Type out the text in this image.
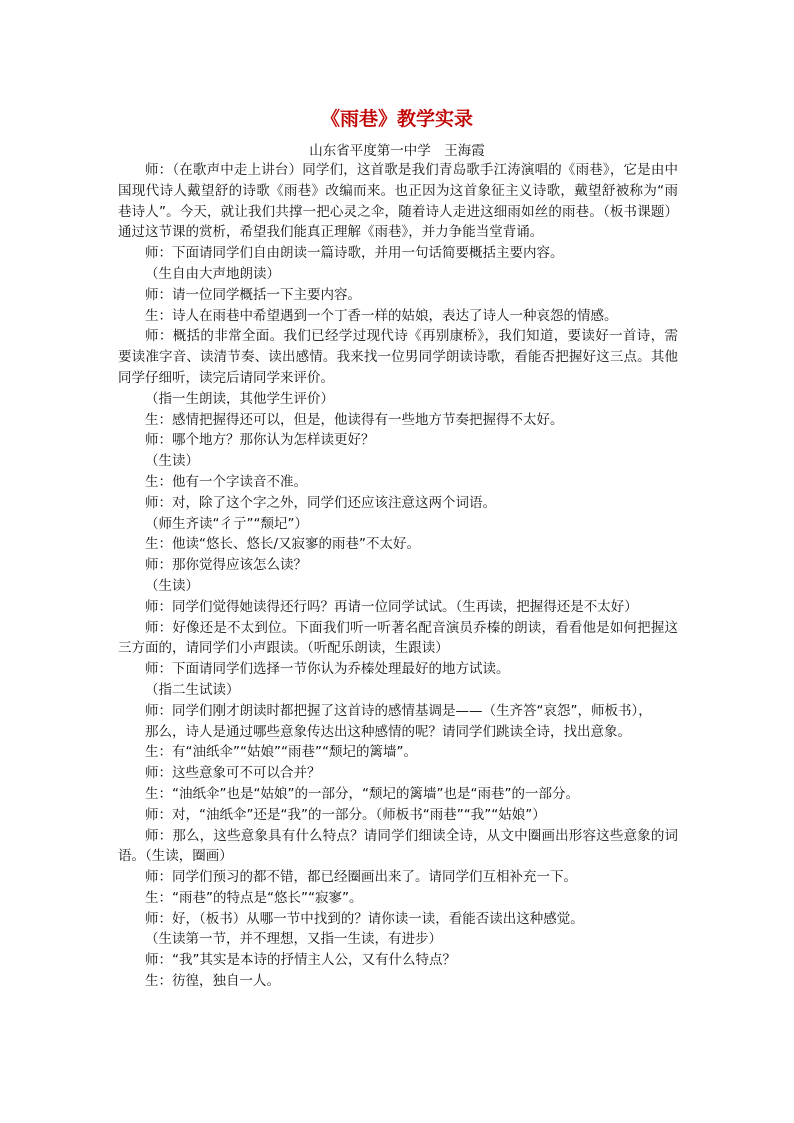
《雨巷》教学实录
山东省平度第一中学　王海霞

师：（在歌声中走上讲台）同学们，这首歌是我们青岛歌手江涛演唱的《雨巷》，它是由中国现代诗人戴望舒的诗歌《雨巷》改编而来。也正因为这首象征主义诗歌，戴望舒被称为“雨巷诗人”。今天，就让我们共撑一把心灵之伞，随着诗人走进这细雨如丝的雨巷。（板书课题）通过这节课的赏析，希望我们能真正理解《雨巷》，并力争能当堂背诵。

师：下面请同学们自由朗读一篇诗歌，并用一句话简要概括主要内容。

（生自由大声地朗读）

师：请一位同学概括一下主要内容。

生：诗人在雨巷中希望遇到一个丁香一样的姑娘，表达了诗人一种哀怨的情感。

师：概括的非常全面。我们已经学过现代诗《再别康桥》，我们知道，要读好一首诗，需要读准字音、读清节奏、读出感情。我来找一位男同学朗读诗歌，看能否把握好这三点。其他同学仔细听，读完后请同学来评价。

（指一生朗读，其他学生评价）

生：感情把握得还可以，但是，他读得有一些地方节奏把握得不太好。

师：哪个地方？那你认为怎样读更好？

（生读）

生：他有一个字读音不准。

师：对，除了这个字之外，同学们还应该注意这两个词语。

（师生齐读“彳亍”“颓圮”）

生：他读“悠长、悠长/又寂寥的雨巷”不太好。

师：那你觉得应该怎么读？

（生读）

师：同学们觉得她读得还行吗？再请一位同学试试。（生再读，把握得还是不太好）

师：好像还是不太到位。下面我们听一听著名配音演员乔榛的朗读，看看他是如何把握这三方面的，请同学们小声跟读。（听配乐朗读，生跟读）

师：下面请同学们选择一节你认为乔榛处理最好的地方试读。

（指二生试读）

师：同学们刚才朗读时都把握了这首诗的感情基调是——（生齐答“哀怨”，师板书），

那么，诗人是通过哪些意象传达出这种感情的呢？请同学们跳读全诗，找出意象。

生：有“油纸伞”“姑娘”“雨巷”“颓圮的篱墙”。

师：这些意象可不可以合并？

生：“油纸伞”也是“姑娘”的一部分，“颓圮的篱墙”也是“雨巷”的一部分。

师：对，“油纸伞”还是“我”的一部分。（师板书“雨巷”“我”“姑娘”）

师：那么，这些意象具有什么特点？请同学们细读全诗，从文中圈画出形容这些意象的词语。（生读，圈画）

师：同学们预习的都不错，都已经圈画出来了。请同学们互相补充一下。

生：“雨巷”的特点是“悠长”“寂寥”。

师：好，（板书）从哪一节中找到的？请你读一读，看能否读出这种感觉。

（生读第一节，并不理想，又指一生读，有进步）

师：“我”其实是本诗的抒情主人公，又有什么特点？

生：彷徨，独自一人。
